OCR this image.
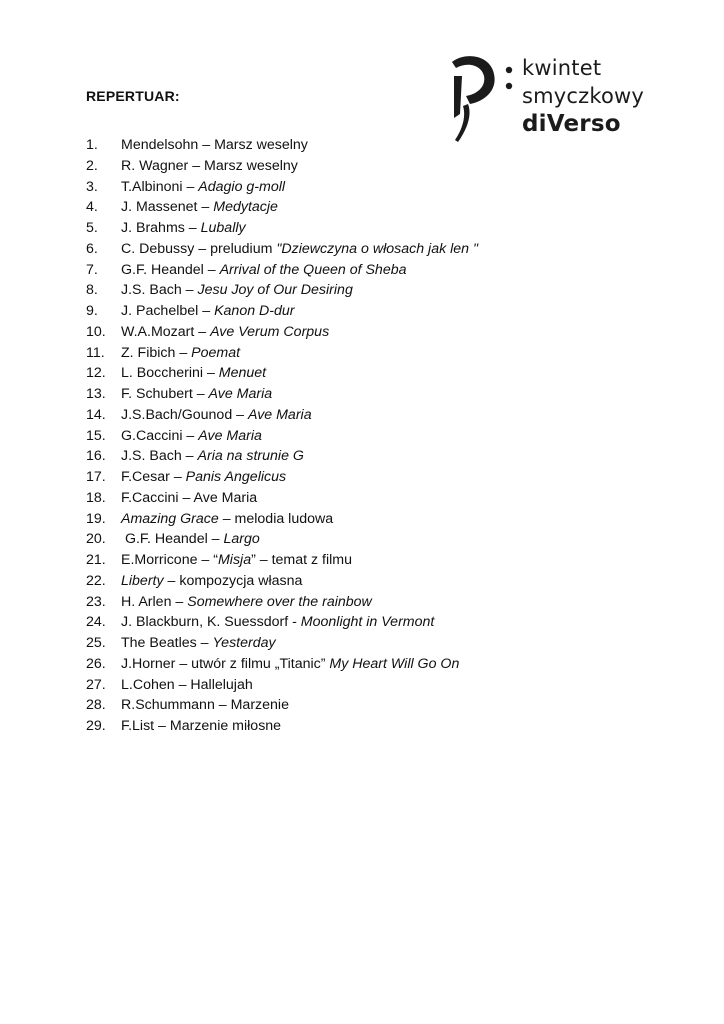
kwintet
smyczkowy
diVerso
REPERTUAR:
1. Mendelsohn – Marsz weselny
2. R. Wagner – Marsz weselny
3. T.Albinoni – Adagio g-moll
4. J. Massenet – Medytacje
5. J. Brahms – Lubally
6. C. Debussy – preludium "Dziewczyna o włosach jak len "
7. G.F. Heandel – Arrival of the Queen of Sheba
8. J.S. Bach – Jesu Joy of Our Desiring
9. J. Pachelbel – Kanon D-dur
10. W.A.Mozart – Ave Verum Corpus
11. Z. Fibich – Poemat
12. L. Boccherini – Menuet
13. F. Schubert – Ave Maria
14. J.S.Bach/Gounod – Ave Maria
15. G.Caccini – Ave Maria
16. J.S. Bach – Aria na strunie G
17. F.Cesar – Panis Angelicus
18. F.Caccini – Ave Maria
19. Amazing Grace – melodia ludowa
20. G.F. Heandel – Largo
21. E.Morricone – “Misja” – temat z filmu
22. Liberty – kompozycja własna
23. H. Arlen – Somewhere over the rainbow
24. J. Blackburn, K. Suessdorf - Moonlight in Vermont
25. The Beatles – Yesterday
26. J.Horner – utwór z filmu „Titanic” My Heart Will Go On
27. L.Cohen – Hallelujah
28. R.Schummann – Marzenie
29. F.List – Marzenie miłosne
